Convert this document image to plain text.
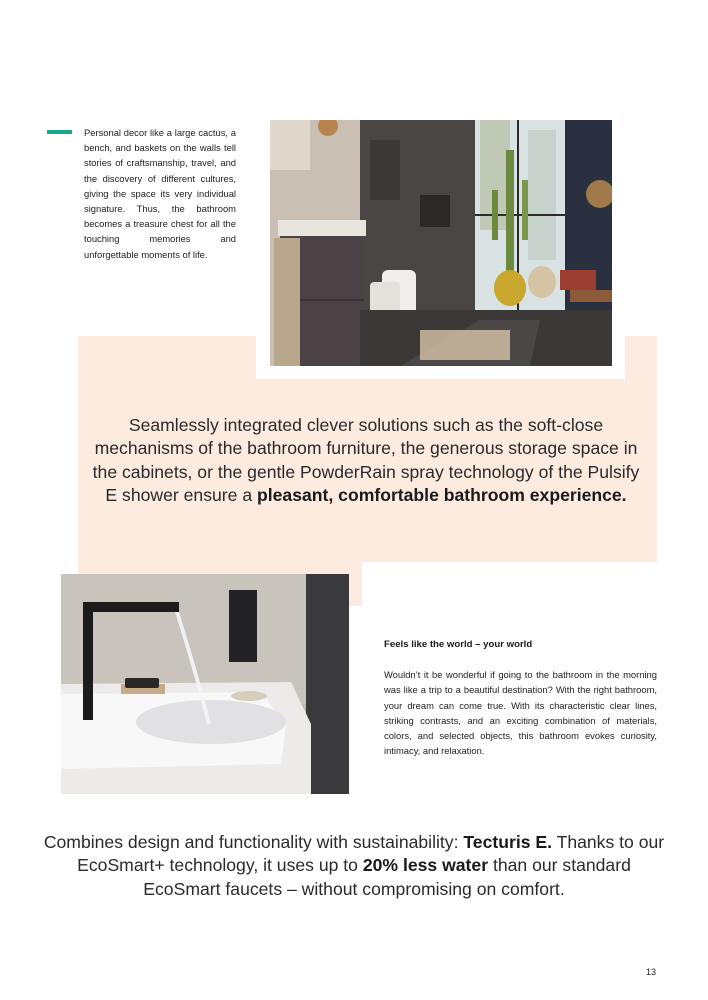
Personal decor like a large cactus, a bench, and baskets on the walls tell stories of craftsmanship, travel, and the discovery of different cultures, giving the space its very individual signature. Thus, the bathroom becomes a treasure chest for all the touching memories and unforgettable moments of life.
Seamlessly integrated clever solutions such as the soft-close mechanisms of the bathroom furniture, the generous storage space in the cabinets, or the gentle PowderRain spray technology of the Pulsify E shower ensure a pleasant, comfortable bathroom experience.
Feels like the world – your world
Wouldn’t it be wonderful if going to the bathroom in the morning was like a trip to a beautiful destination? With the right bathroom, your dream can come true. With its characteristic clear lines, striking contrasts, and an exciting combination of materials, colors, and selected objects, this bathroom evokes curiosity, intimacy, and relaxation.
Combines design and functionality with sustainability: Tecturis E. Thanks to our EcoSmart+ technology, it uses up to 20% less water than our standard EcoSmart faucets – without compromising on comfort.
13
